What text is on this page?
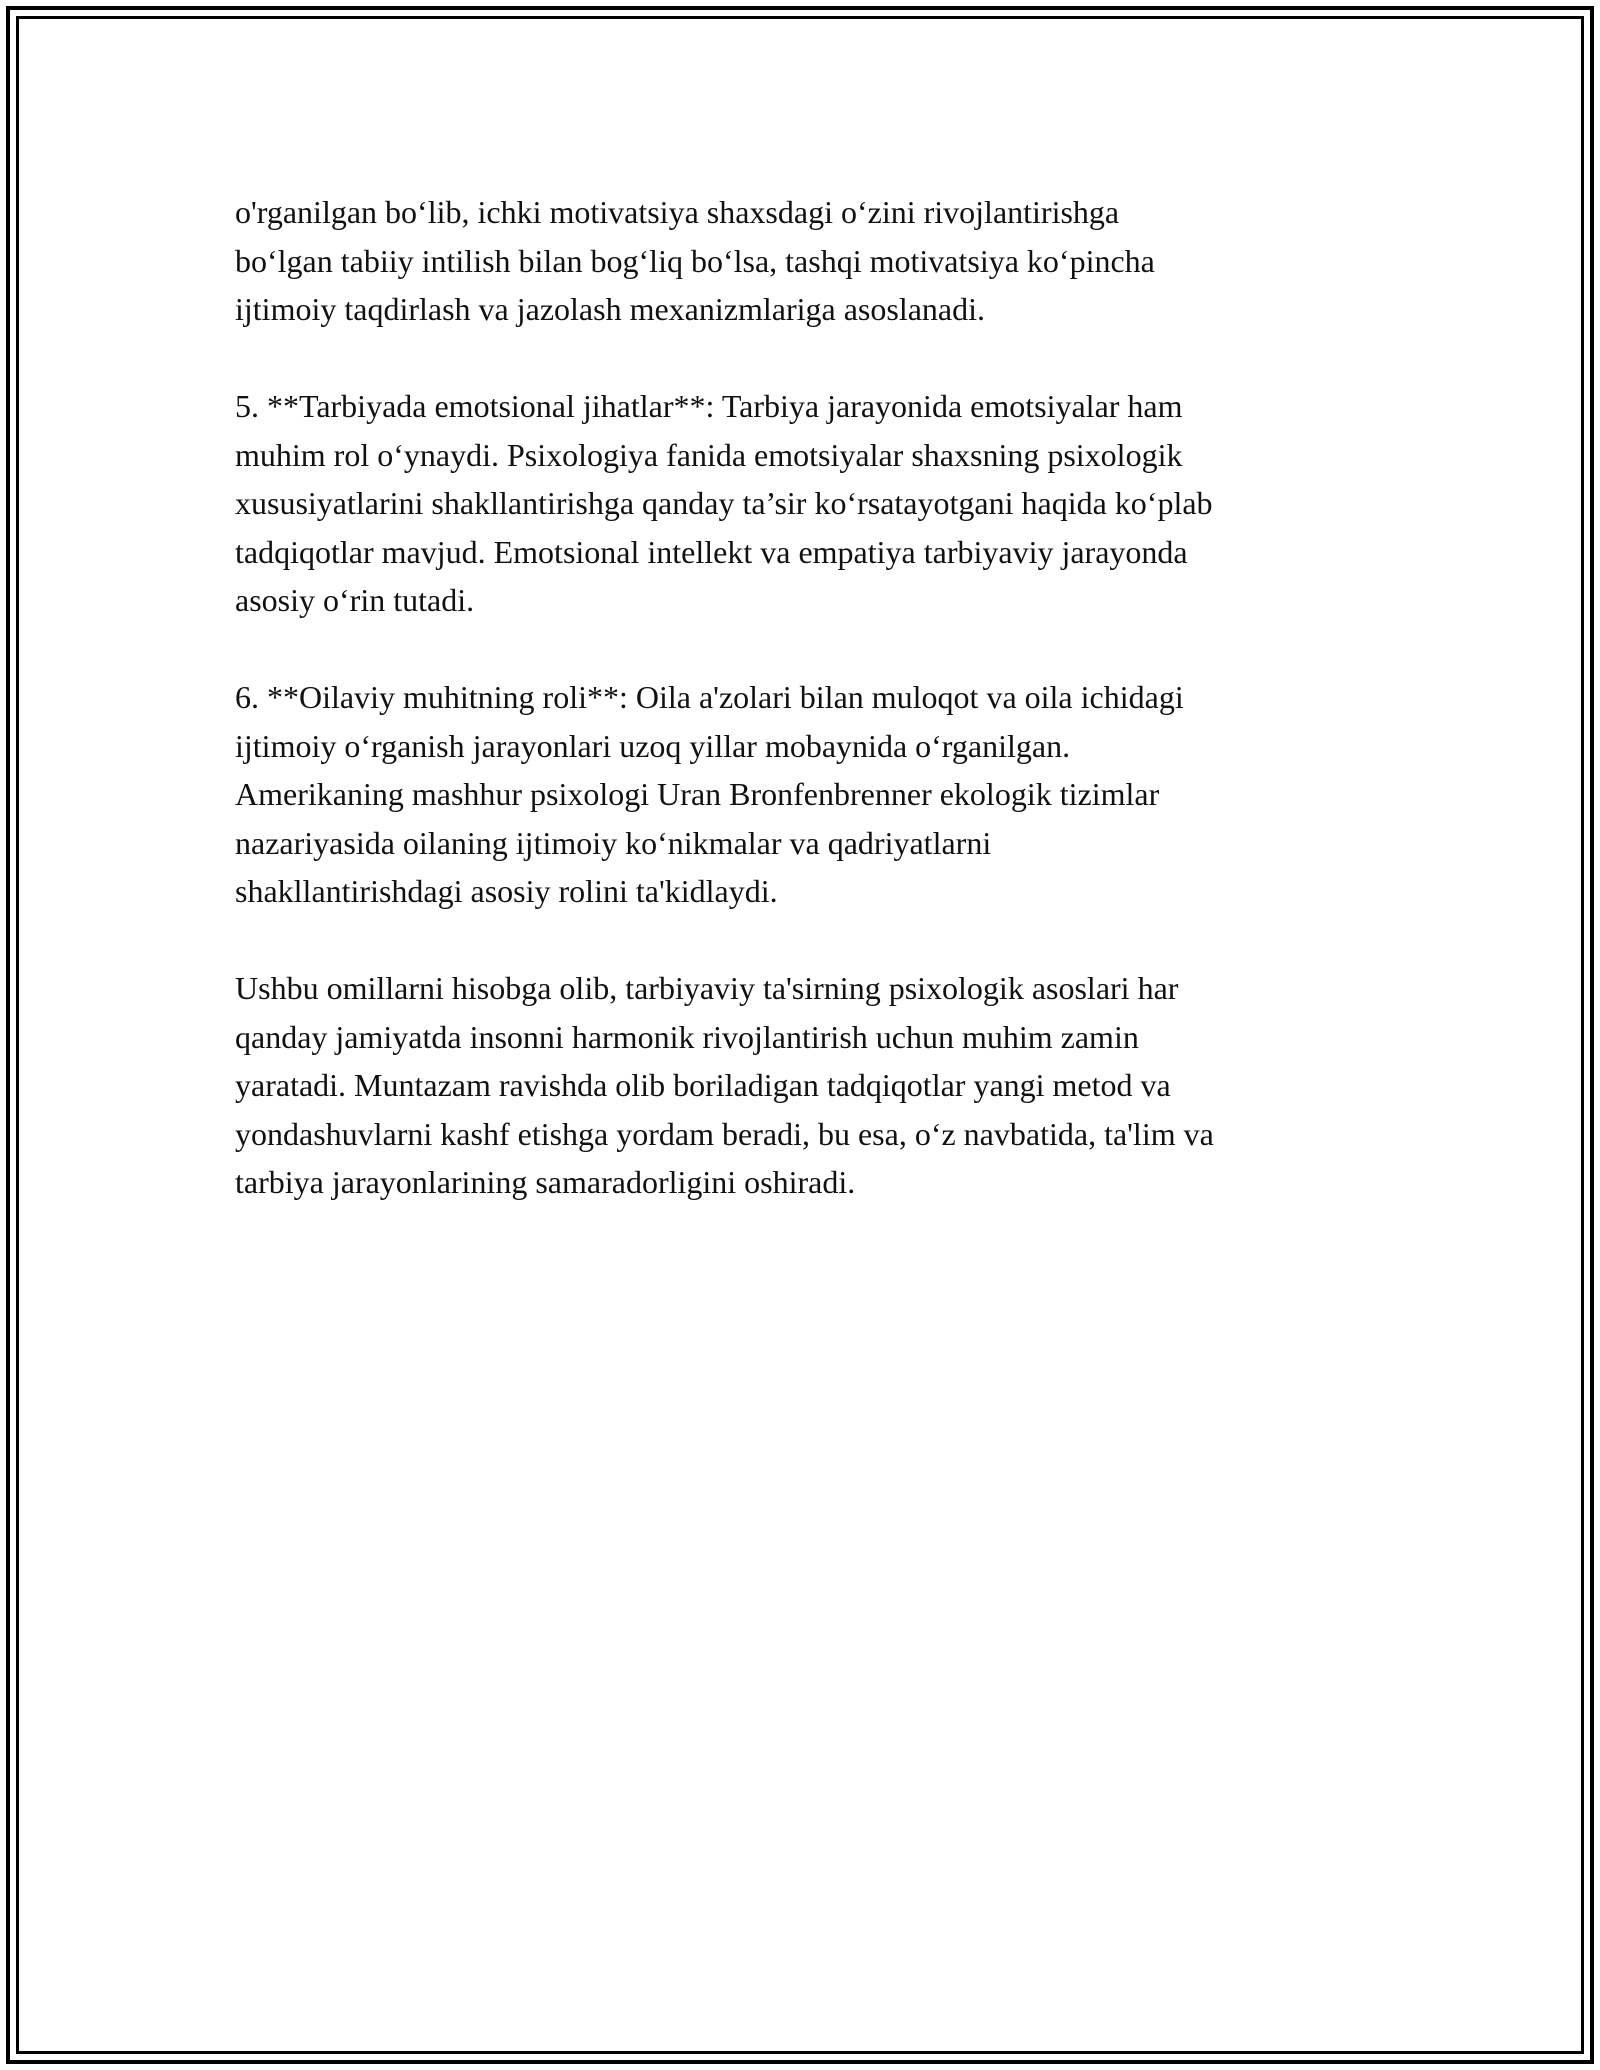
o'rganilgan bo‘lib, ichki motivatsiya shaxsdagi o‘zini rivojlantirishga
bo‘lgan tabiiy intilish bilan bog‘liq bo‘lsa, tashqi motivatsiya ko‘pincha
ijtimoiy taqdirlash va jazolash mexanizmlariga asoslanadi.

5. **Tarbiyada emotsional jihatlar**: Tarbiya jarayonida emotsiyalar ham
muhim rol o‘ynaydi. Psixologiya fanida emotsiyalar shaxsning psixologik
xususiyatlarini shakllantirishga qanday ta’sir ko‘rsatayotgani haqida ko‘plab
tadqiqotlar mavjud. Emotsional intellekt va empatiya tarbiyaviy jarayonda
asosiy o‘rin tutadi.

6. **Oilaviy muhitning roli**: Oila a'zolari bilan muloqot va oila ichidagi
ijtimoiy o‘rganish jarayonlari uzoq yillar mobaynida o‘rganilgan.
Amerikaning mashhur psixologi Uran Bronfenbrenner ekologik tizimlar
nazariyasida oilaning ijtimoiy ko‘nikmalar va qadriyatlarni
shakllantirishdagi asosiy rolini ta'kidlaydi.

Ushbu omillarni hisobga olib, tarbiyaviy ta'sirning psixologik asoslari har
qanday jamiyatda insonni harmonik rivojlantirish uchun muhim zamin
yaratadi. Muntazam ravishda olib boriladigan tadqiqotlar yangi metod va
yondashuvlarni kashf etishga yordam beradi, bu esa, o‘z navbatida, ta'lim va
tarbiya jarayonlarining samaradorligini oshiradi.
